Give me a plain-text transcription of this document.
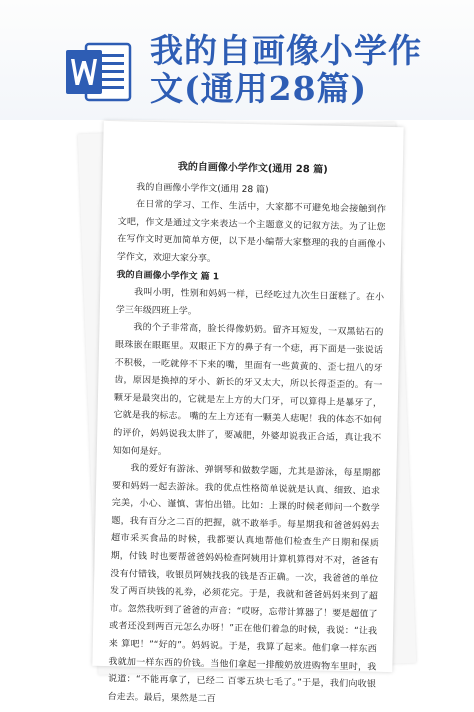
我的自画像小学作
文(通用28篇)

我的自画像小学作文(通用 28 篇)

我的自画像小学作文(通用 28 篇)

在日常的学习、工作、生活中，大家都不可避免地会接触到作文吧，作文是通过文字来表达一个主题意义的记叙方法。为了让您在写作文时更加简单方便，以下是小编帮大家整理的我的自画像小学作文，欢迎大家分享。

我的自画像小学作文 篇 1

我叫小明，性别和妈妈一样，已经吃过九次生日蛋糕了。在小学三年级四班上学。

我的个子非常高，脸长得像奶奶。留齐耳短发，一双黑钻石的眼珠嵌在眼眶里。双眼正下方的鼻子有一个痣，再下面是一张说话不积极，一吃就停不下来的嘴，里面有一些黄黄的、歪七扭八的牙齿，原因是换掉的牙小、新长的牙又太大，所以长得歪歪的。有一颗牙是最突出的，它就是左上方的大门牙，可以算得上是暴牙了，它就是我的标志。 嘴的左上方还有一颗美人痣呢！我的体态不如何的评价，妈妈说我太胖了，要减肥，外婆却说我正合适，真让我不知如何是好。

我的爱好有游泳、弹钢琴和做数学题，尤其是游泳，每星期都要和妈妈一起去游泳。我的优点性格简单说就是认真、细致、追求完美，小心、谨慎、害怕出错。比如：上课的时候老师问一个数学题，我有百分之二百的把握，就不敢举手。每星期我和爸爸妈妈去超市采买食品的时候，我都要认真地帮他们检查生产日期和保质期，付钱 时也要帮爸爸妈妈检查阿姨用计算机算得对不对，爸爸有没有付错钱，收银员阿姨找我的钱是否正确。一次，我爸爸的单位发了两百块钱的礼券，必须花完。于是，我就和爸爸妈妈来到了超市。忽然我听到了爸爸的声音：“哎呀，忘带计算器了！要是超值了或者还没到两百元怎么办呀！”正在他们着急的时候，我说：“让我来 算吧！”“好的”。妈妈说。于是，我算了起来。他们拿一样东西我就加一样东西的价钱。当他们拿起一排酸奶放进购物车里时，我说道：“不能再拿了，已经二 百零五块七毛了。”于是，我们向收银台走去。最后，果然是二百
